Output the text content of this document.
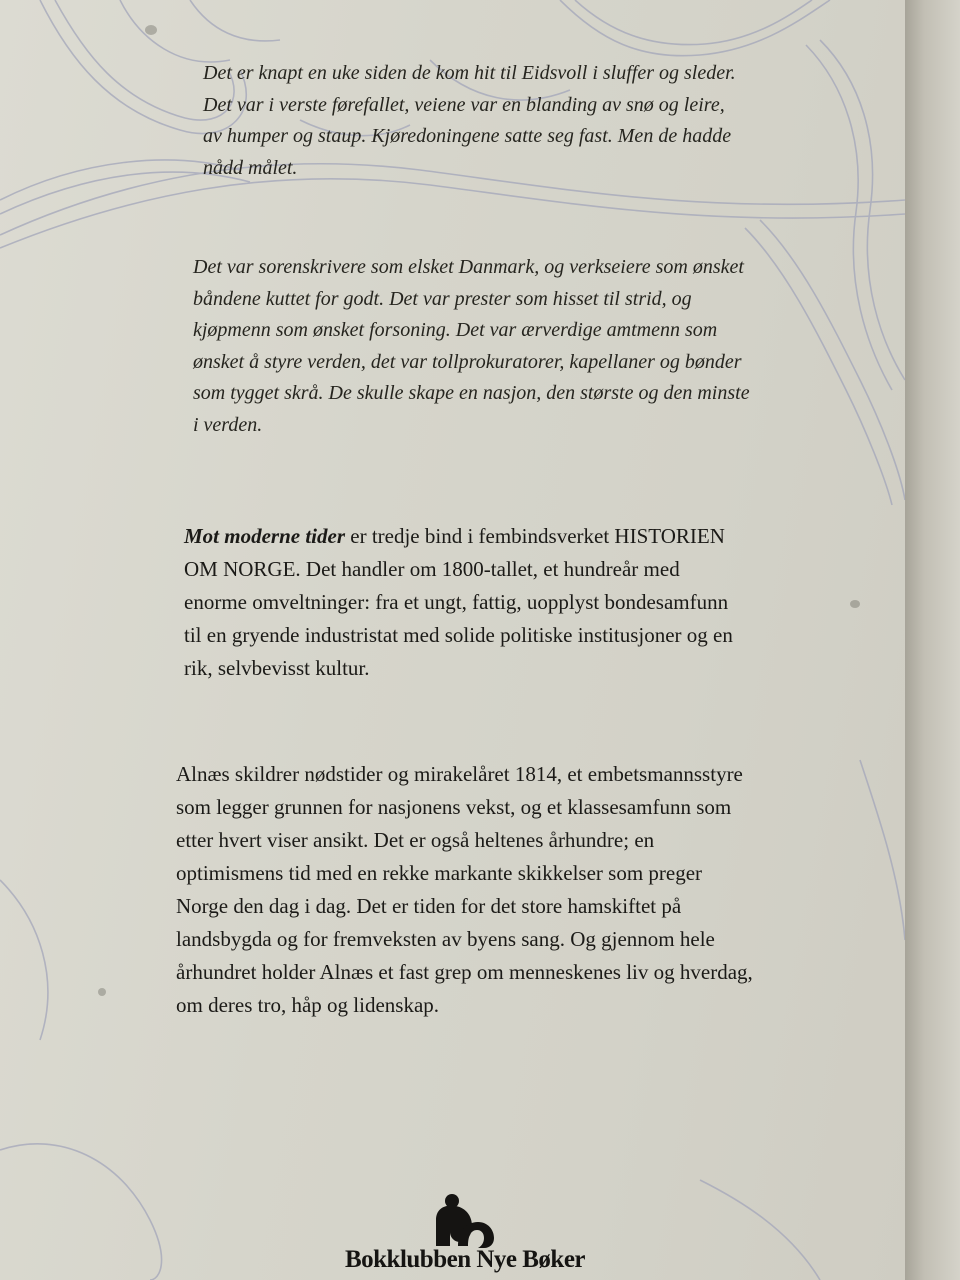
Det er knapt en uke siden de kom hit til Eidsvoll i sluffer og sleder. Det var i verste førefallet, veiene var en blanding av snø og leire, av humper og staup. Kjøredoningene satte seg fast. Men de hadde nådd målet.
Det var sorenskrivere som elsket Danmark, og verkseiere som ønsket båndene kuttet for godt. Det var prester som hisset til strid, og kjøpmenn som ønsket forsoning. Det var ærverdige amtmenn som ønsket å styre verden, det var tollprokuratorer, kapellaner og bønder som tygget skrå. De skulle skape en nasjon, den største og den minste i verden.
Mot moderne tider er tredje bind i fembindsverket HISTORIEN OM NORGE. Det handler om 1800-tallet, et hundreår med enorme omveltninger: fra et ungt, fattig, uopplyst bondesamfunn til en gryende industristat med solide politiske institusjoner og en rik, selvbevisst kultur.
Alnæs skildrer nødstider og mirakelåret 1814, et embetsmannsstyre som legger grunnen for nasjonens vekst, og et klassesamfunn som etter hvert viser ansikt. Det er også heltenes århundre; en optimismens tid med en rekke markante skikkelser som preger Norge den dag i dag. Det er tiden for det store hamskiftet på landsbygda og for fremveksten av byens sang. Og gjennom hele århundret holder Alnæs et fast grep om menneskenes liv og hverdag, om deres tro, håp og lidenskap.
Bokklubben Nye Bøker
